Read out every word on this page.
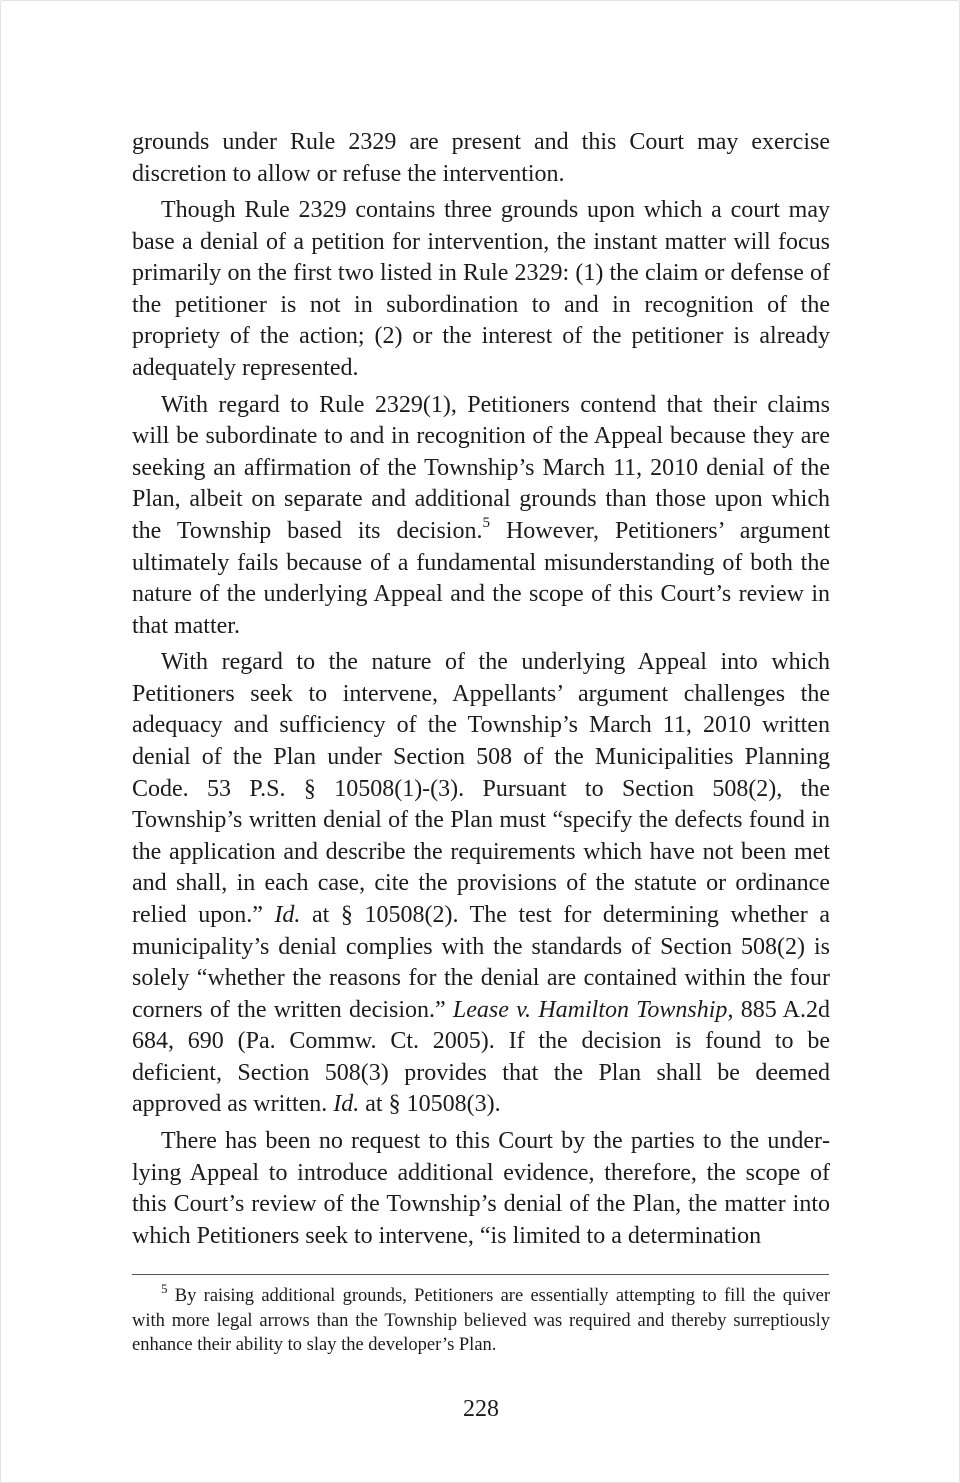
grounds under Rule 2329 are present and this Court may exercise discretion to allow or refuse the intervention.

Though Rule 2329 contains three grounds upon which a court may base a denial of a petition for intervention, the instant matter will focus primarily on the first two listed in Rule 2329: (1) the claim or defense of the petitioner is not in subordination to and in recognition of the propriety of the action; (2) or the interest of the petitioner is already adequately represented.

With regard to Rule 2329(1), Petitioners contend that their claims will be subordinate to and in recognition of the Appeal because they are seeking an affirmation of the Township’s March 11, 2010 denial of the Plan, albeit on separate and additional grounds than those upon which the Township based its decision.$^5$ However, Petitioners’ argument ultimately fails because of a fundamental misunderstanding of both the nature of the underlying Appeal and the scope of this Court’s review in that matter.

With regard to the nature of the underlying Appeal into which Petitioners seek to intervene, Appellants’ argument challenges the adequacy and sufficiency of the Township’s March 11, 2010 written denial of the Plan under Section 508 of the Municipalities Planning Code. 53 P.S. § 10508(1)-(3). Pursuant to Section 508(2), the Township’s written denial of the Plan must “specify the defects found in the application and describe the requirements which have not been met and shall, in each case, cite the provisions of the statute or ordinance relied upon.” Id. at § 10508(2). The test for determining whether a municipality’s denial complies with the standards of Section 508(2) is solely “whether the reasons for the denial are contained within the four corners of the written decision.” Lease v. Hamilton Township, 885 A.2d 684, 690 (Pa. Commw. Ct. 2005). If the decision is found to be deficient, Section 508(3) provides that the Plan shall be deemed approved as written. Id. at § 10508(3).

There has been no request to this Court by the parties to the underlying Appeal to introduce additional evidence, therefore, the scope of this Court’s review of the Township’s denial of the Plan, the matter into which Petitioners seek to intervene, “is limited to a determination

$^5$ By raising additional grounds, Petitioners are essentially attempting to fill the quiver with more legal arrows than the Township believed was required and thereby surreptiously enhance their ability to slay the developer’s Plan.
228
